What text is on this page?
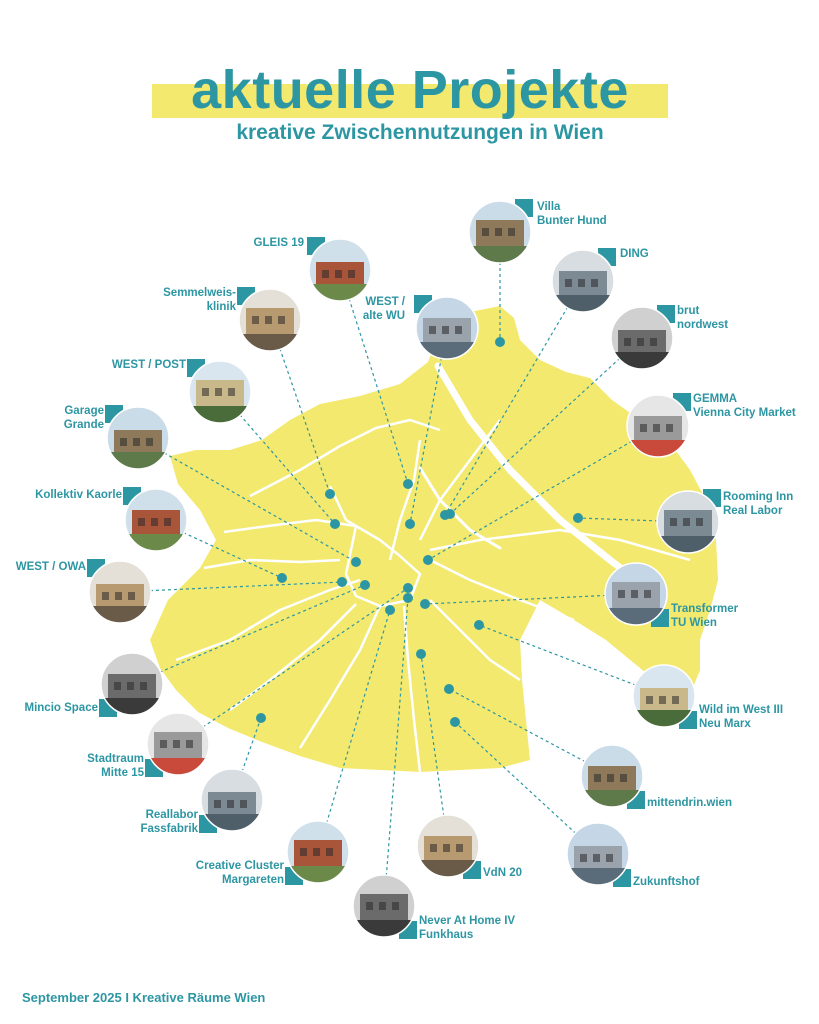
aktuelle Projekte
kreative Zwischennutzungen in Wien
Villa Bunter Hund
DING
GLEIS 19
Semmelweis-klinik	WEST / alte WU	brut nordwest
WEST / POST
GEMMA Vienna City Market
Garage Grande
Rooming Inn Real Labor
Kollektiv Kaorle
WEST / OWA
Transformer TU Wien
Mincio Space	Wild im West III Neu Marx
Stadtraum Mitte 15
mittendrin.wien
Reallabor Fassfabrik
Creative Cluster Margareten
VdN 20
Zukunftshof
Never At Home IV Funkhaus
September 2025 I Kreative Räume Wien
